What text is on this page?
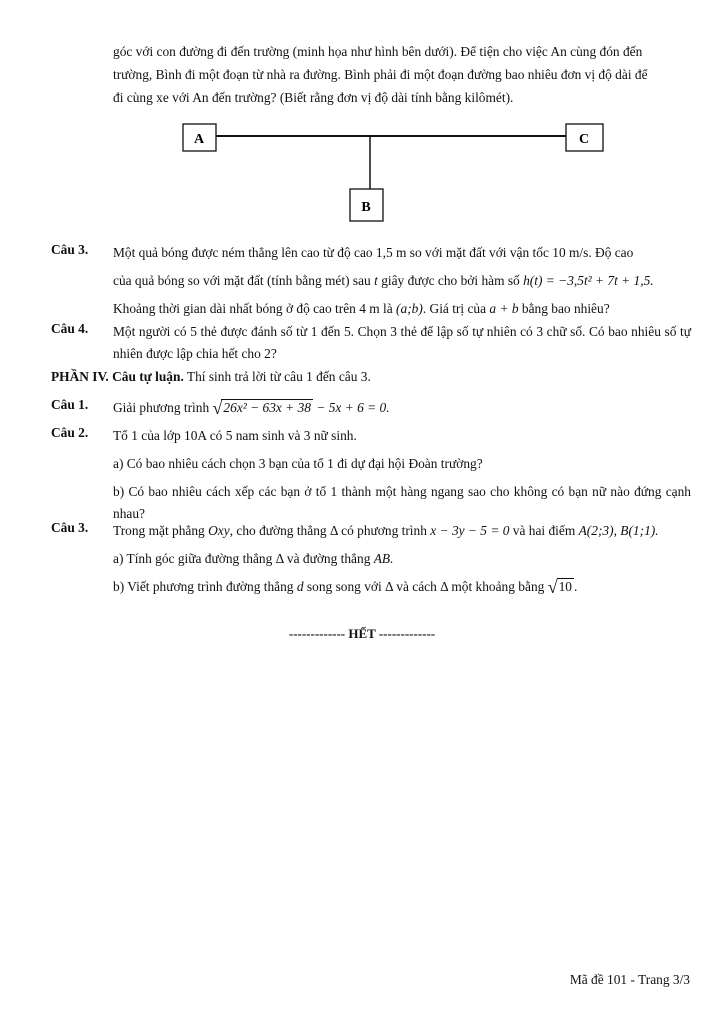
góc với con đường đi đến trường (minh họa như hình bên dưới). Để tiện cho việc An cùng đón đến
trường, Bình đi một đoạn từ nhà ra đường. Bình phải đi một đoạn đường bao nhiêu đơn vị độ dài để
đi cùng xe với An đến trường? (Biết rằng đơn vị độ dài tính bằng kilômét).
A	C
B
Câu 3. Một quả bóng được ném thẳng lên cao từ độ cao 1,5 m so với mặt đất với vận tốc 10 m/s. Độ cao

của quả bóng so với mặt đất (tính bằng mét) sau t giây được cho bởi hàm số h(t) = −3,5t² + 7t + 1,5.

Khoảng thời gian dài nhất bóng ở độ cao trên 4 m là (a;b). Giá trị của a + b bằng bao nhiêu?

Câu 4. Một người có 5 thẻ được đánh số từ 1 đến 5. Chọn 3 thẻ để lập số tự nhiên có 3 chữ số. Có bao nhiêu số tự nhiên được lập chia hết cho 2?

PHẦN IV. Câu tự luận. Thí sinh trả lời từ câu 1 đến câu 3.
Câu 1. Giải phương trình √26x² − 63x + 38 − 5x + 6 = 0.

Câu 2. Tổ 1 của lớp 10A có 5 nam sinh và 3 nữ sinh.

a) Có bao nhiêu cách chọn 3 bạn của tổ 1 đi dự đại hội Đoàn trường?

b) Có bao nhiêu cách xếp các bạn ở tổ 1 thành một hàng ngang sao cho không có bạn nữ nào đứng cạnh nhau?

Câu 3. Trong mặt phẳng Oxy, cho đường thẳng Δ có phương trình x − 3y − 5 = 0 và hai điểm A(2;3), B(1;1).

a) Tính góc giữa đường thẳng Δ và đường thẳng AB.

b) Viết phương trình đường thẳng d song song với Δ và cách Δ một khoảng bằng √10 .

------------- HẾT -------------
Mã đề 101 - Trang 3/3
